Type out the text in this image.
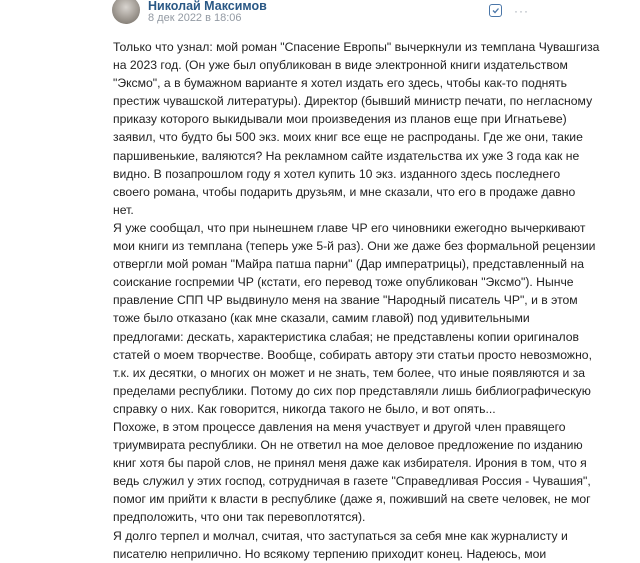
Николай Максимов
8 дек 2022 в 18:06	···
Только что узнал: мой роман "Спасение Европы" вычеркнули из темплана Чувашгиза
на 2023 год. (Он уже был опубликован в виде электронной книги издательством
"Эксмо", а в бумажном варианте я хотел издать его здесь, чтобы как-то поднять
престиж чувашской литературы). Директор (бывший министр печати, по негласному
приказу которого выкидывали мои произведения из планов еще при Игнатьеве)
заявил, что будто бы 500 экз. моих книг все еще не распроданы. Где же они, такие
паршивенькие, валяются? На рекламном сайте издательства их уже 3 года как не
видно. В позапрошлом году я хотел купить 10 экз. изданного здесь последнего
своего романа, чтобы подарить друзьям, и мне сказали, что его в продаже давно
нет.
Я уже сообщал, что при нынешнем главе ЧР его чиновники ежегодно вычеркивают
мои книги из темплана (теперь уже 5-й раз). Они же даже без формальной рецензии
отвергли мой роман "Майра патша парни" (Дар императрицы), представленный на
соискание госпремии ЧР (кстати, его перевод тоже опубликован "Эксмо"). Нынче
правление СПП ЧР выдвинуло меня на звание "Народный писатель ЧР", и в этом
тоже было отказано (как мне сказали, самим главой) под удивительными
предлогами: дескать, характеристика слабая; не представлены копии оригиналов
статей о моем творчестве. Вообще, собирать автору эти статьи просто невозможно,
т.к. их десятки, о многих он может и не знать, тем более, что иные появляются и за
пределами республики. Потому до сих пор представляли лишь библиографическую
справку о них. Как говорится, никогда такого не было, и вот опять...
Похоже, в этом процессе давления на меня участвует и другой член правящего
триумвирата республики. Он не ответил на мое деловое предложение по изданию
книг хотя бы парой слов, не принял меня даже как избирателя. Ирония в том, что я
ведь служил у этих господ, сотрудничая в газете "Справедливая Россия - Чувашия",
помог им прийти к власти в республике (даже я, поживший на свете человек, не мог
предположить, что они так перевоплотятся).
Я долго терпел и молчал, считая, что заступаться за себя мне как журналисту и
писателю неприлично. Но всякому терпению приходит конец. Надеюсь, мои
